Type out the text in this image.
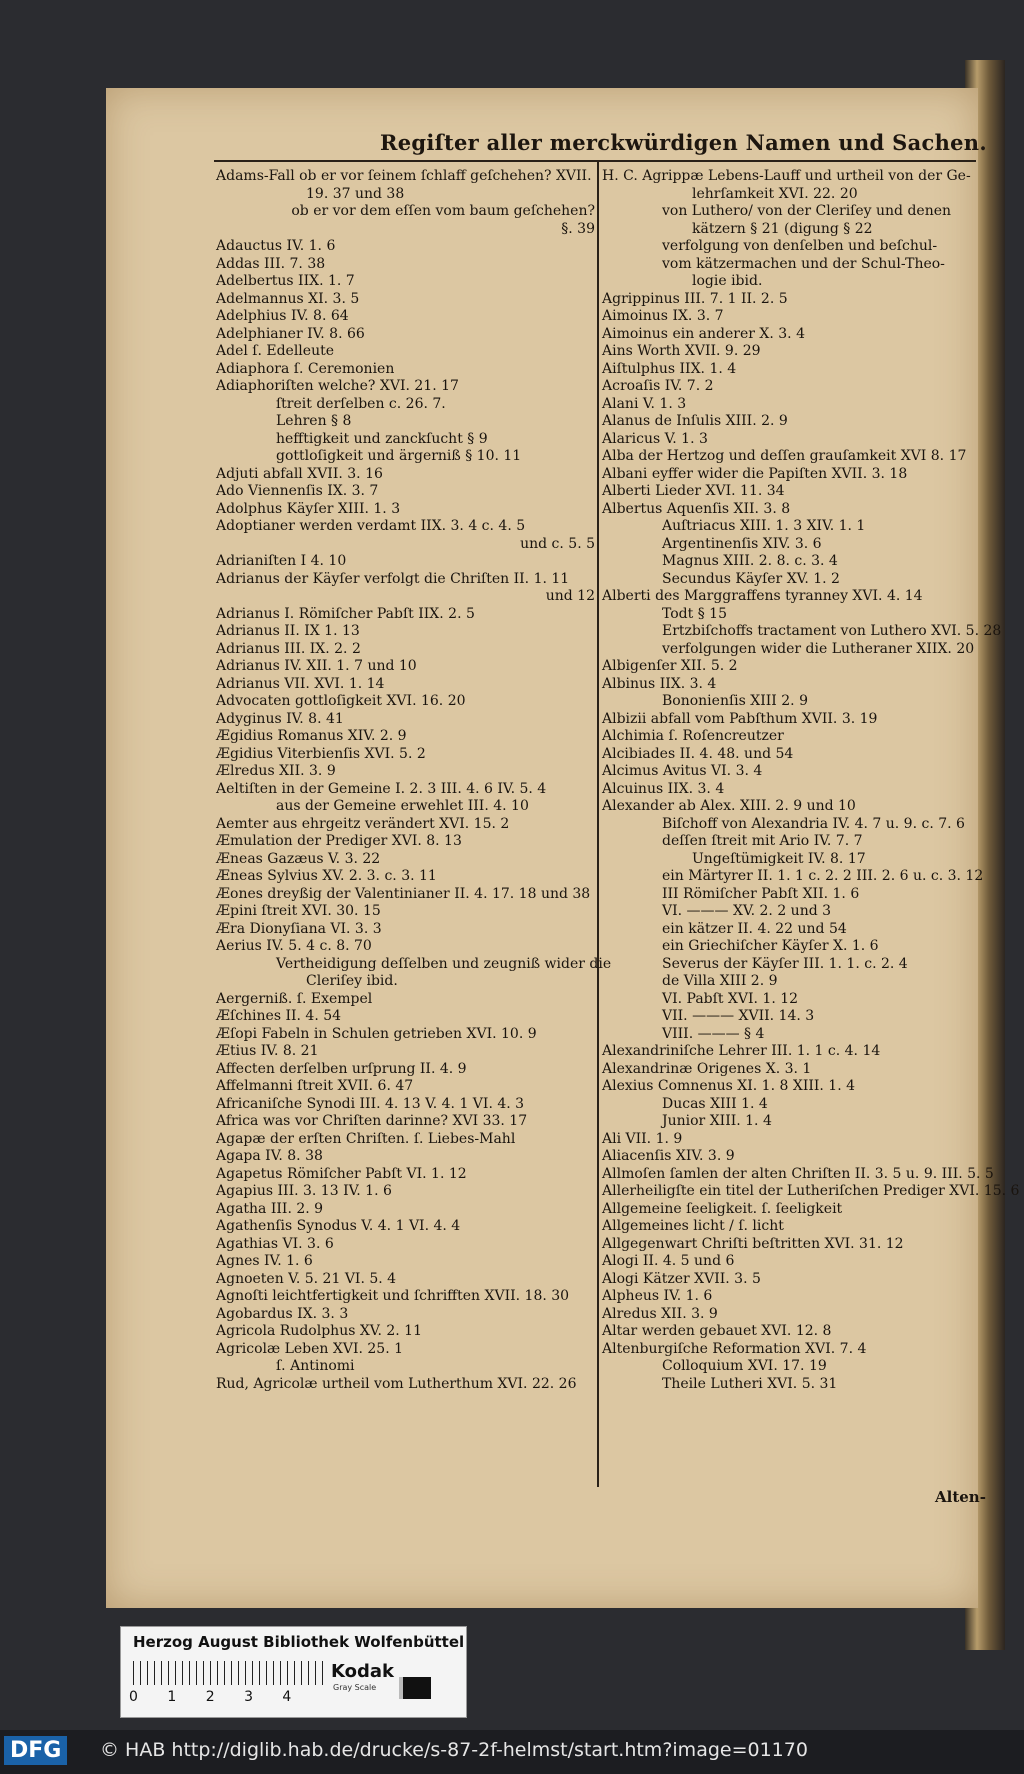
Regiſter aller merckwürdigen Namen und Sachen.
Adams-Fall ob er vor ſeinem ſchlaff geſchehen? XVII.
19. 37 und 38
ob er vor dem eſſen vom baum geſchehen?
§. 39
Adauctus IV. 1. 6
Addas III. 7. 38
Adelbertus IIX. 1. 7
Adelmannus XI. 3. 5
Adelphius IV. 8. 64
Adelphianer IV. 8. 66
Adel ſ. Edelleute
Adiaphora ſ. Ceremonien
Adiaphoriſten welche? XVI. 21. 17
ſtreit derſelben c. 26. 7.
Lehren § 8
hefftigkeit und zanckſucht § 9
gottloſigkeit und ärgerniß § 10. 11
Adjuti abfall XVII. 3. 16
Ado Viennenſis IX. 3. 7
Adolphus Käyſer XIII. 1. 3
Adoptianer werden verdamt IIX. 3. 4 c. 4. 5
und c. 5. 5
Adrianiſten I 4. 10
Adrianus der Käyſer verfolgt die Chriſten II. 1. 11
und 12
Adrianus I. Römiſcher Pabſt IIX. 2. 5
Adrianus II. IX 1. 13
Adrianus III. IX. 2. 2
Adrianus IV. XII. 1. 7 und 10
Adrianus VII. XVI. 1. 14
Advocaten gottloſigkeit XVI. 16. 20
Adyginus IV. 8. 41
Ægidius Romanus XIV. 2. 9
Ægidius Viterbienſis XVI. 5. 2
Ælredus XII. 3. 9
Aeltiſten in der Gemeine I. 2. 3 III. 4. 6 IV. 5. 4
aus der Gemeine erwehlet III. 4. 10
Aemter aus ehrgeitz verändert XVI. 15. 2
Æmulation der Prediger XVI. 8. 13
Æneas Gazæus V. 3. 22
Æneas Sylvius XV. 2. 3. c. 3. 11
Æones dreyßig der Valentinianer II. 4. 17. 18 und 38
Æpini ſtreit XVI. 30. 15
Æra Dionyſiana VI. 3. 3
Aerius IV. 5. 4 c. 8. 70
Vertheidigung deſſelben und zeugniß wider die
Cleriſey ibid.
Aergerniß. ſ. Exempel
Æſchines II. 4. 54
Æſopi Fabeln in Schulen getrieben XVI. 10. 9
Ætius IV. 8. 21
Affecten derſelben urſprung II. 4. 9
Affelmanni ſtreit XVII. 6. 47
Africaniſche Synodi III. 4. 13 V. 4. 1 VI. 4. 3
Africa was vor Chriſten darinne? XVI 33. 17
Agapæ der erſten Chriſten. ſ. Liebes-Mahl
Agapa IV. 8. 38
Agapetus Römiſcher Pabſt VI. 1. 12
Agapius III. 3. 13 IV. 1. 6
Agatha III. 2. 9
Agathenſis Synodus V. 4. 1 VI. 4. 4
Agathias VI. 3. 6
Agnes IV. 1. 6
Agnoeten V. 5. 21 VI. 5. 4
Agnoſti leichtfertigkeit und ſchrifften XVII. 18. 30
Agobardus IX. 3. 3
Agricola Rudolphus XV. 2. 11
Agricolæ Leben XVI. 25. 1
ſ. Antinomi
Rud, Agricolæ urtheil vom Lutherthum XVI. 22. 26
H. C. Agrippæ Lebens-Lauff und urtheil von der Ge-
lehrſamkeit XVI. 22. 20
von Luthero/ von der Cleriſey und denen
kätzern § 21 (digung § 22
verfolgung von denſelben und beſchul-
vom kätzermachen und der Schul-Theo-
logie ibid.
Agrippinus III. 7. 1 II. 2. 5
Aimoinus IX. 3. 7
Aimoinus ein anderer X. 3. 4
Ains Worth XVII. 9. 29
Aiſtulphus IIX. 1. 4
Acroaſis IV. 7. 2
Alani V. 1. 3
Alanus de Inſulis XIII. 2. 9
Alaricus V. 1. 3
Alba der Hertzog und deſſen grauſamkeit XVI 8. 17
Albani eyffer wider die Papiſten XVII. 3. 18
Alberti Lieder XVI. 11. 34
Albertus Aquenſis XII. 3. 8
Auſtriacus XIII. 1. 3 XIV. 1. 1
Argentinenſis XIV. 3. 6
Magnus XIII. 2. 8. c. 3. 4
Secundus Käyſer XV. 1. 2
Alberti des Marggraffens tyranney XVI. 4. 14
Todt § 15
Ertzbiſchoffs tractament von Luthero XVI. 5. 28
verfolgungen wider die Lutheraner XIIX. 20
Albigenſer XII. 5. 2
Albinus IIX. 3. 4
Bononienſis XIII 2. 9
Albizii abfall vom Pabſthum XVII. 3. 19
Alchimia ſ. Roſencreutzer
Alcibiades II. 4. 48. und 54
Alcimus Avitus VI. 3. 4
Alcuinus IIX. 3. 4
Alexander ab Alex. XIII. 2. 9 und 10
Biſchoff von Alexandria IV. 4. 7 u. 9. c. 7. 6
deſſen ſtreit mit Ario IV. 7. 7
Ungeſtümigkeit IV. 8. 17
ein Märtyrer II. 1. 1 c. 2. 2 III. 2. 6 u. c. 3. 12
III Römiſcher Pabſt XII. 1. 6
VI. ——— XV. 2. 2 und 3
ein kätzer II. 4. 22 und 54
ein Griechiſcher Käyſer X. 1. 6
Severus der Käyſer III. 1. 1. c. 2. 4
de Villa XIII 2. 9
VI. Pabſt XVI. 1. 12
VII. ——— XVII. 14. 3
VIII. ——— § 4
Alexandriniſche Lehrer III. 1. 1 c. 4. 14
Alexandrinæ Origenes X. 3. 1
Alexius Comnenus XI. 1. 8 XIII. 1. 4
Ducas XIII 1. 4
Junior XIII. 1. 4
Ali VII. 1. 9
Aliacenſis XIV. 3. 9
Allmoſen ſamlen der alten Chriſten II. 3. 5 u. 9. III. 5. 5
Allerheiligſte ein titel der Lutheriſchen Prediger XVI. 15. 6
Allgemeine ſeeligkeit. ſ. ſeeligkeit
Allgemeines licht / ſ. licht
Allgegenwart Chriſti beſtritten XVI. 31. 12
Alogi II. 4. 5 und 6
Alogi Kätzer XVII. 3. 5
Alpheus IV. 1. 6
Alredus XII. 3. 9
Altar werden gebauet XVI. 12. 8
Altenburgiſche Reformation XVI. 7. 4
Colloquium XVI. 17. 19
Theile Lutheri XVI. 5. 31
Alten-
Herzog August Bibliothek Wolfenbüttel
0 1 2 3 4
Kodak
Gray Scale
DFG	© HAB http://diglib.hab.de/drucke/s-87-2f-helmst/start.htm?image=01170
